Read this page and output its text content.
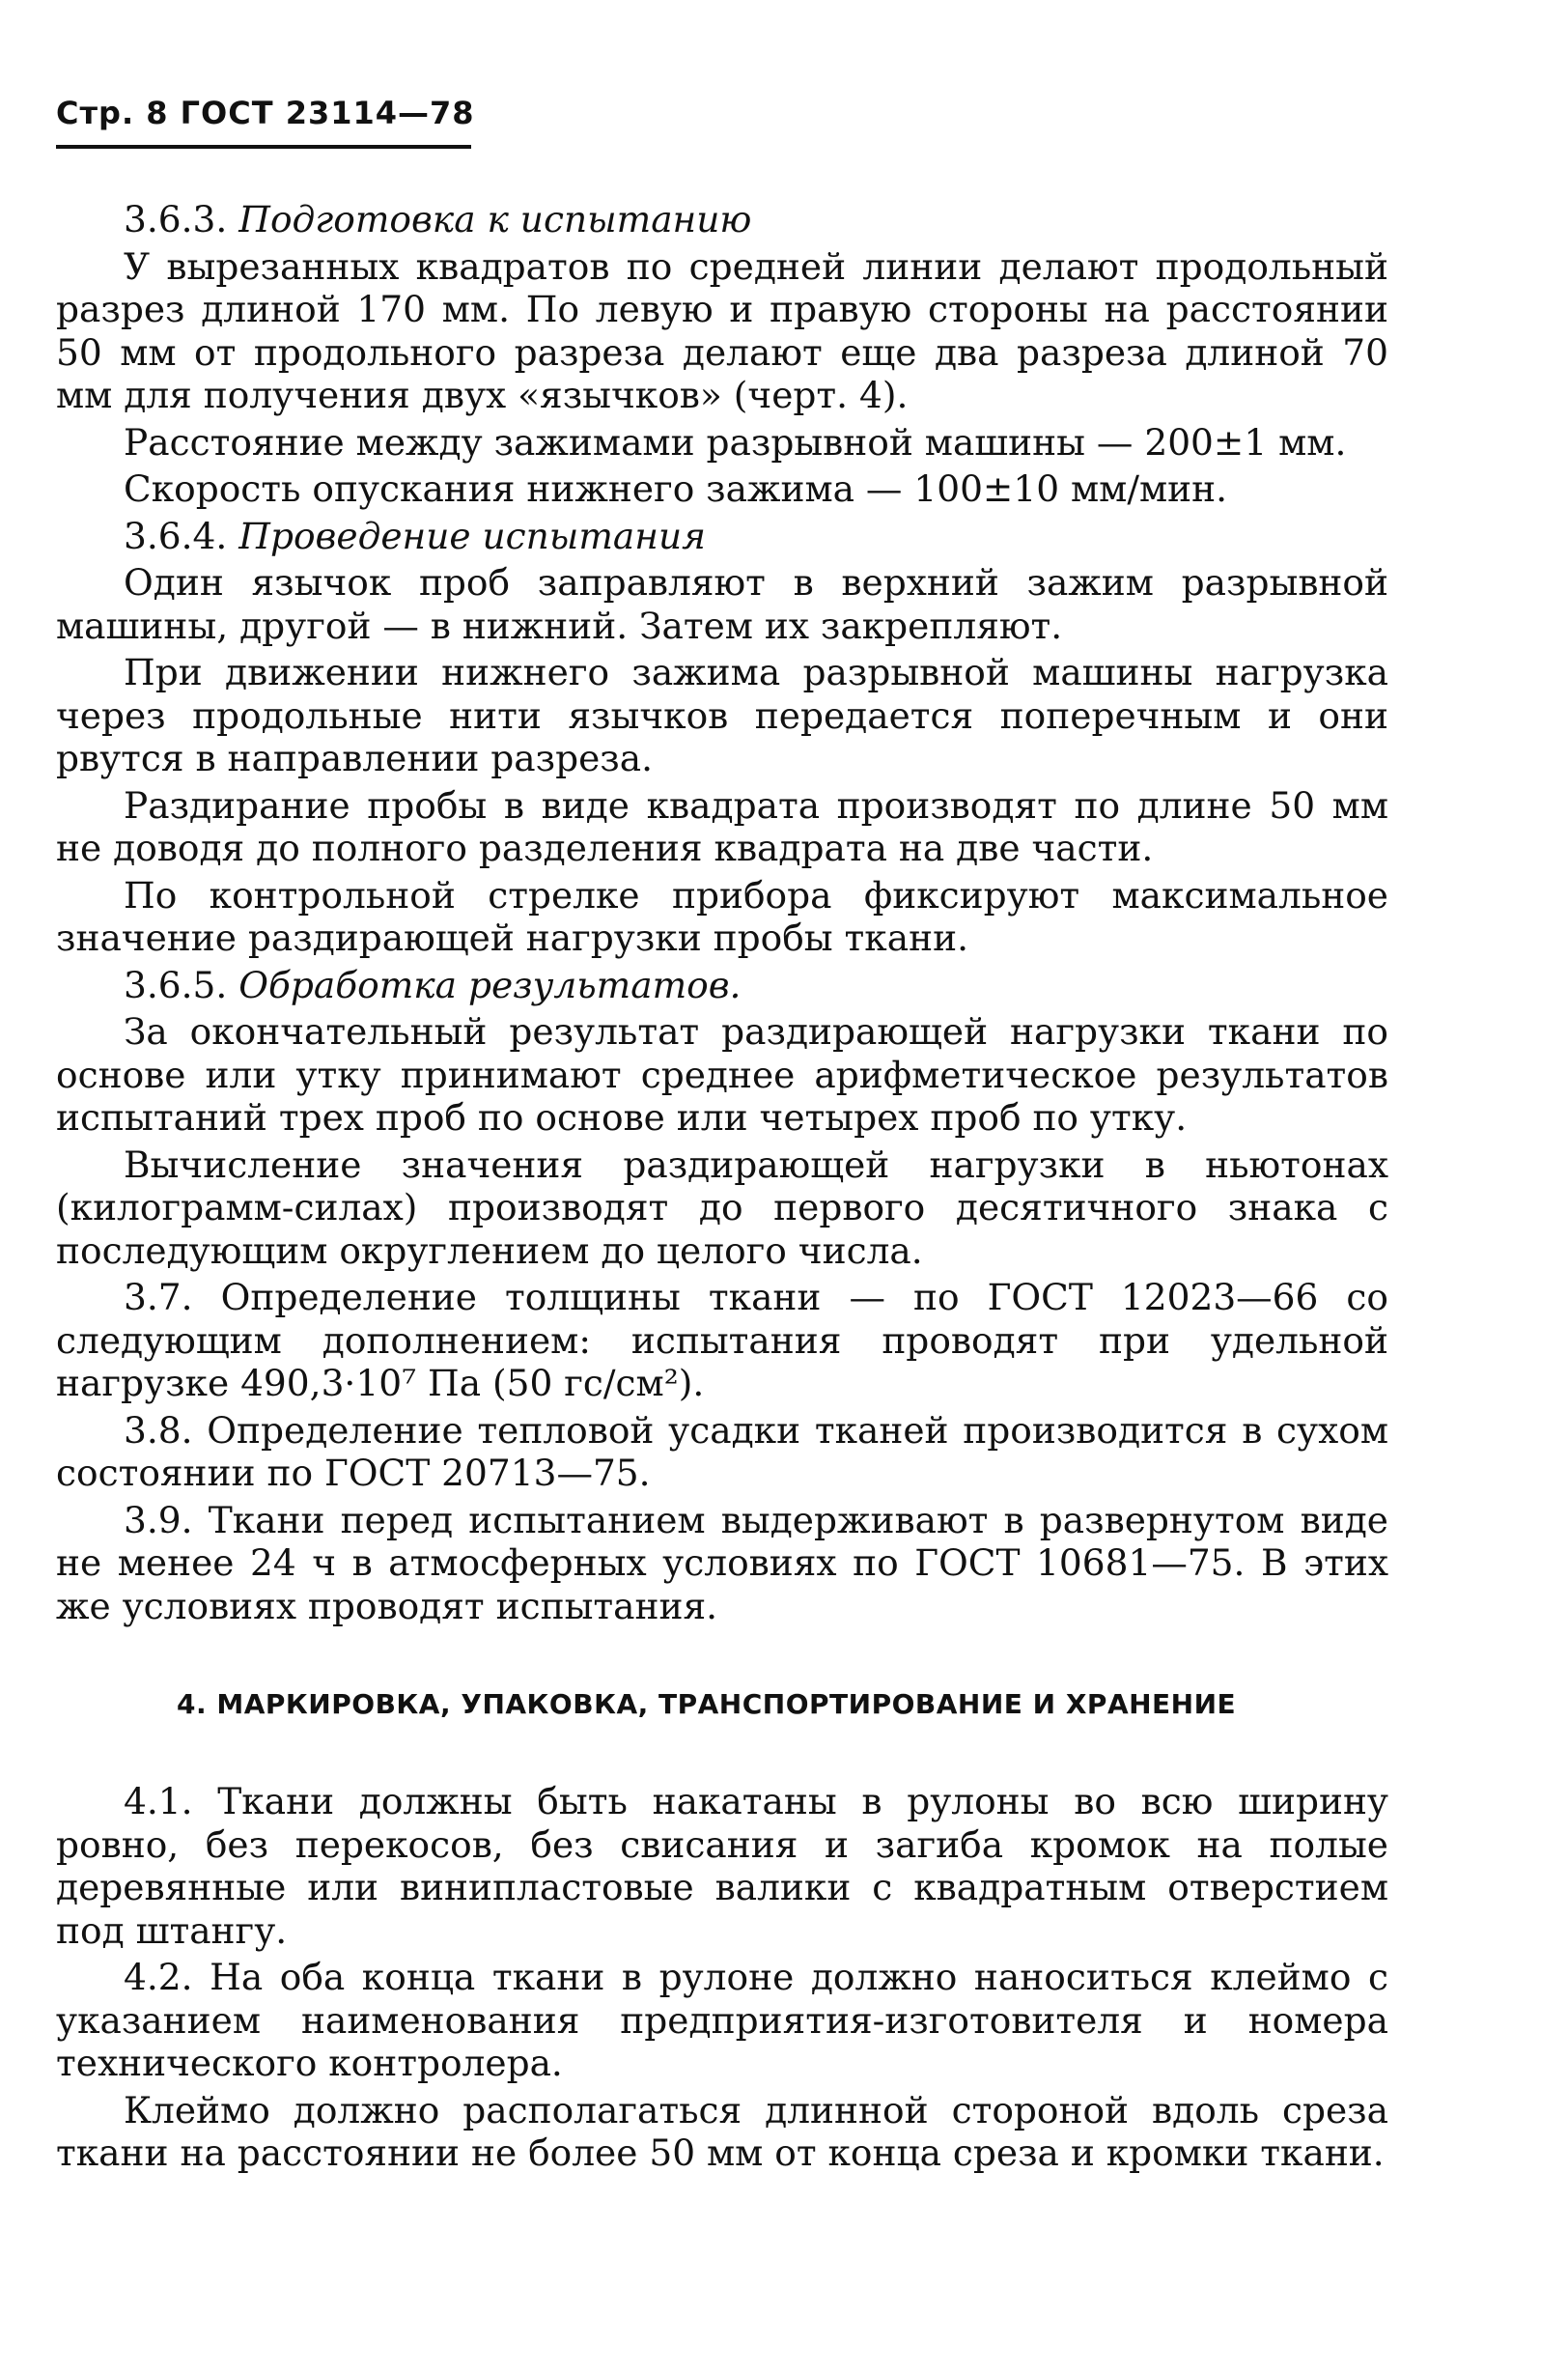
Стр. 8 ГОСТ 23114—78

3.6.3. Подготовка к испытанию

У вырезанных квадратов по средней линии делают продольный разрез длиной 170 мм. По левую и правую стороны на расстоянии 50 мм от продольного разреза делают еще два разреза длиной 70 мм для получения двух «язычков» (черт. 4).

Расстояние между зажимами разрывной машины — 200±1 мм.

Скорость опускания нижнего зажима — 100±10 мм/мин.

3.6.4. Проведение испытания

Один язычок проб заправляют в верхний зажим разрывной машины, другой — в нижний. Затем их закрепляют.

При движении нижнего зажима разрывной машины нагрузка через продольные нити язычков передается поперечным и они рвутся в направлении разреза.

Раздирание пробы в виде квадрата производят по длине 50 мм не доводя до полного разделения квадрата на две части.

По контрольной стрелке прибора фиксируют максимальное значение раздирающей нагрузки пробы ткани.

3.6.5. Обработка результатов.

За окончательный результат раздирающей нагрузки ткани по основе или утку принимают среднее арифметическое результатов испытаний трех проб по основе или четырех проб по утку.

Вычисление значения раздирающей нагрузки в ньютонах (килограмм-силах) производят до первого десятичного знака с последующим округлением до целого числа.

3.7. Определение толщины ткани — по ГОСТ 12023—66 со следующим дополнением: испытания проводят при удельной нагрузке 490,3·10⁷ Па (50 гс/см²).

3.8. Определение тепловой усадки тканей производится в сухом состоянии по ГОСТ 20713—75.

3.9. Ткани перед испытанием выдерживают в развернутом виде не менее 24 ч в атмосферных условиях по ГОСТ 10681—75. В этих же условиях проводят испытания.

4. МАРКИРОВКА, УПАКОВКА, ТРАНСПОРТИРОВАНИЕ И ХРАНЕНИЕ

4.1. Ткани должны быть накатаны в рулоны во всю ширину ровно, без перекосов, без свисания и загиба кромок на полые деревянные или винипластовые валики с квадратным отверстием под штангу.

4.2. На оба конца ткани в рулоне должно наноситься клеймо с указанием наименования предприятия-изготовителя и номера технического контролера.

Клеймо должно располагаться длинной стороной вдоль среза ткани на расстоянии не более 50 мм от конца среза и кромки ткани.
